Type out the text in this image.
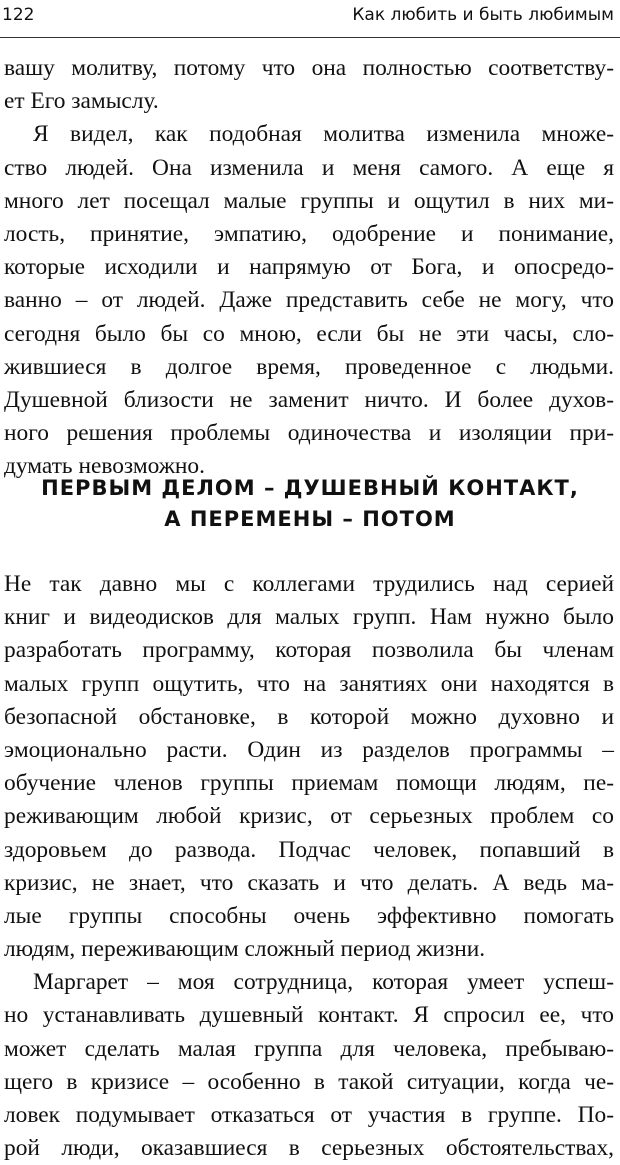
122	Как любить и быть любимым
вашу молитву, потому что она полностью соответству-
ет Его замыслу.
Я видел, как подобная молитва изменила множе-
ство людей. Она изменила и меня самого. А еще я
много лет посещал малые группы и ощутил в них ми-
лость, принятие, эмпатию, одобрение и понимание,
которые исходили и напрямую от Бога, и опосредо-
ванно – от людей. Даже представить себе не могу, что
сегодня было бы со мною, если бы не эти часы, сло-
жившиеся в долгое время, проведенное с людьми.
Душевной близости не заменит ничто. И более духов-
ного решения проблемы одиночества и изоляции при-
думать невозможно.
ПЕРВЫМ ДЕЛОМ – ДУШЕВНЫЙ КОНТАКТ,
А ПЕРЕМЕНЫ – ПОТОМ
Не так давно мы с коллегами трудились над серией
книг и видеодисков для малых групп. Нам нужно было
разработать программу, которая позволила бы членам
малых групп ощутить, что на занятиях они находятся в
безопасной обстановке, в которой можно духовно и
эмоционально расти. Один из разделов программы –
обучение членов группы приемам помощи людям, пе-
реживающим любой кризис, от серьезных проблем со
здоровьем до развода. Подчас человек, попавший в
кризис, не знает, что сказать и что делать. А ведь ма-
лые группы способны очень эффективно помогать
людям, переживающим сложный период жизни.
Маргарет – моя сотрудница, которая умеет успеш-
но устанавливать душевный контакт. Я спросил ее, что
может сделать малая группа для человека, пребываю-
щего в кризисе – особенно в такой ситуации, когда че-
ловек подумывает отказаться от участия в группе. По-
рой люди, оказавшиеся в серьезных обстоятельствах,
